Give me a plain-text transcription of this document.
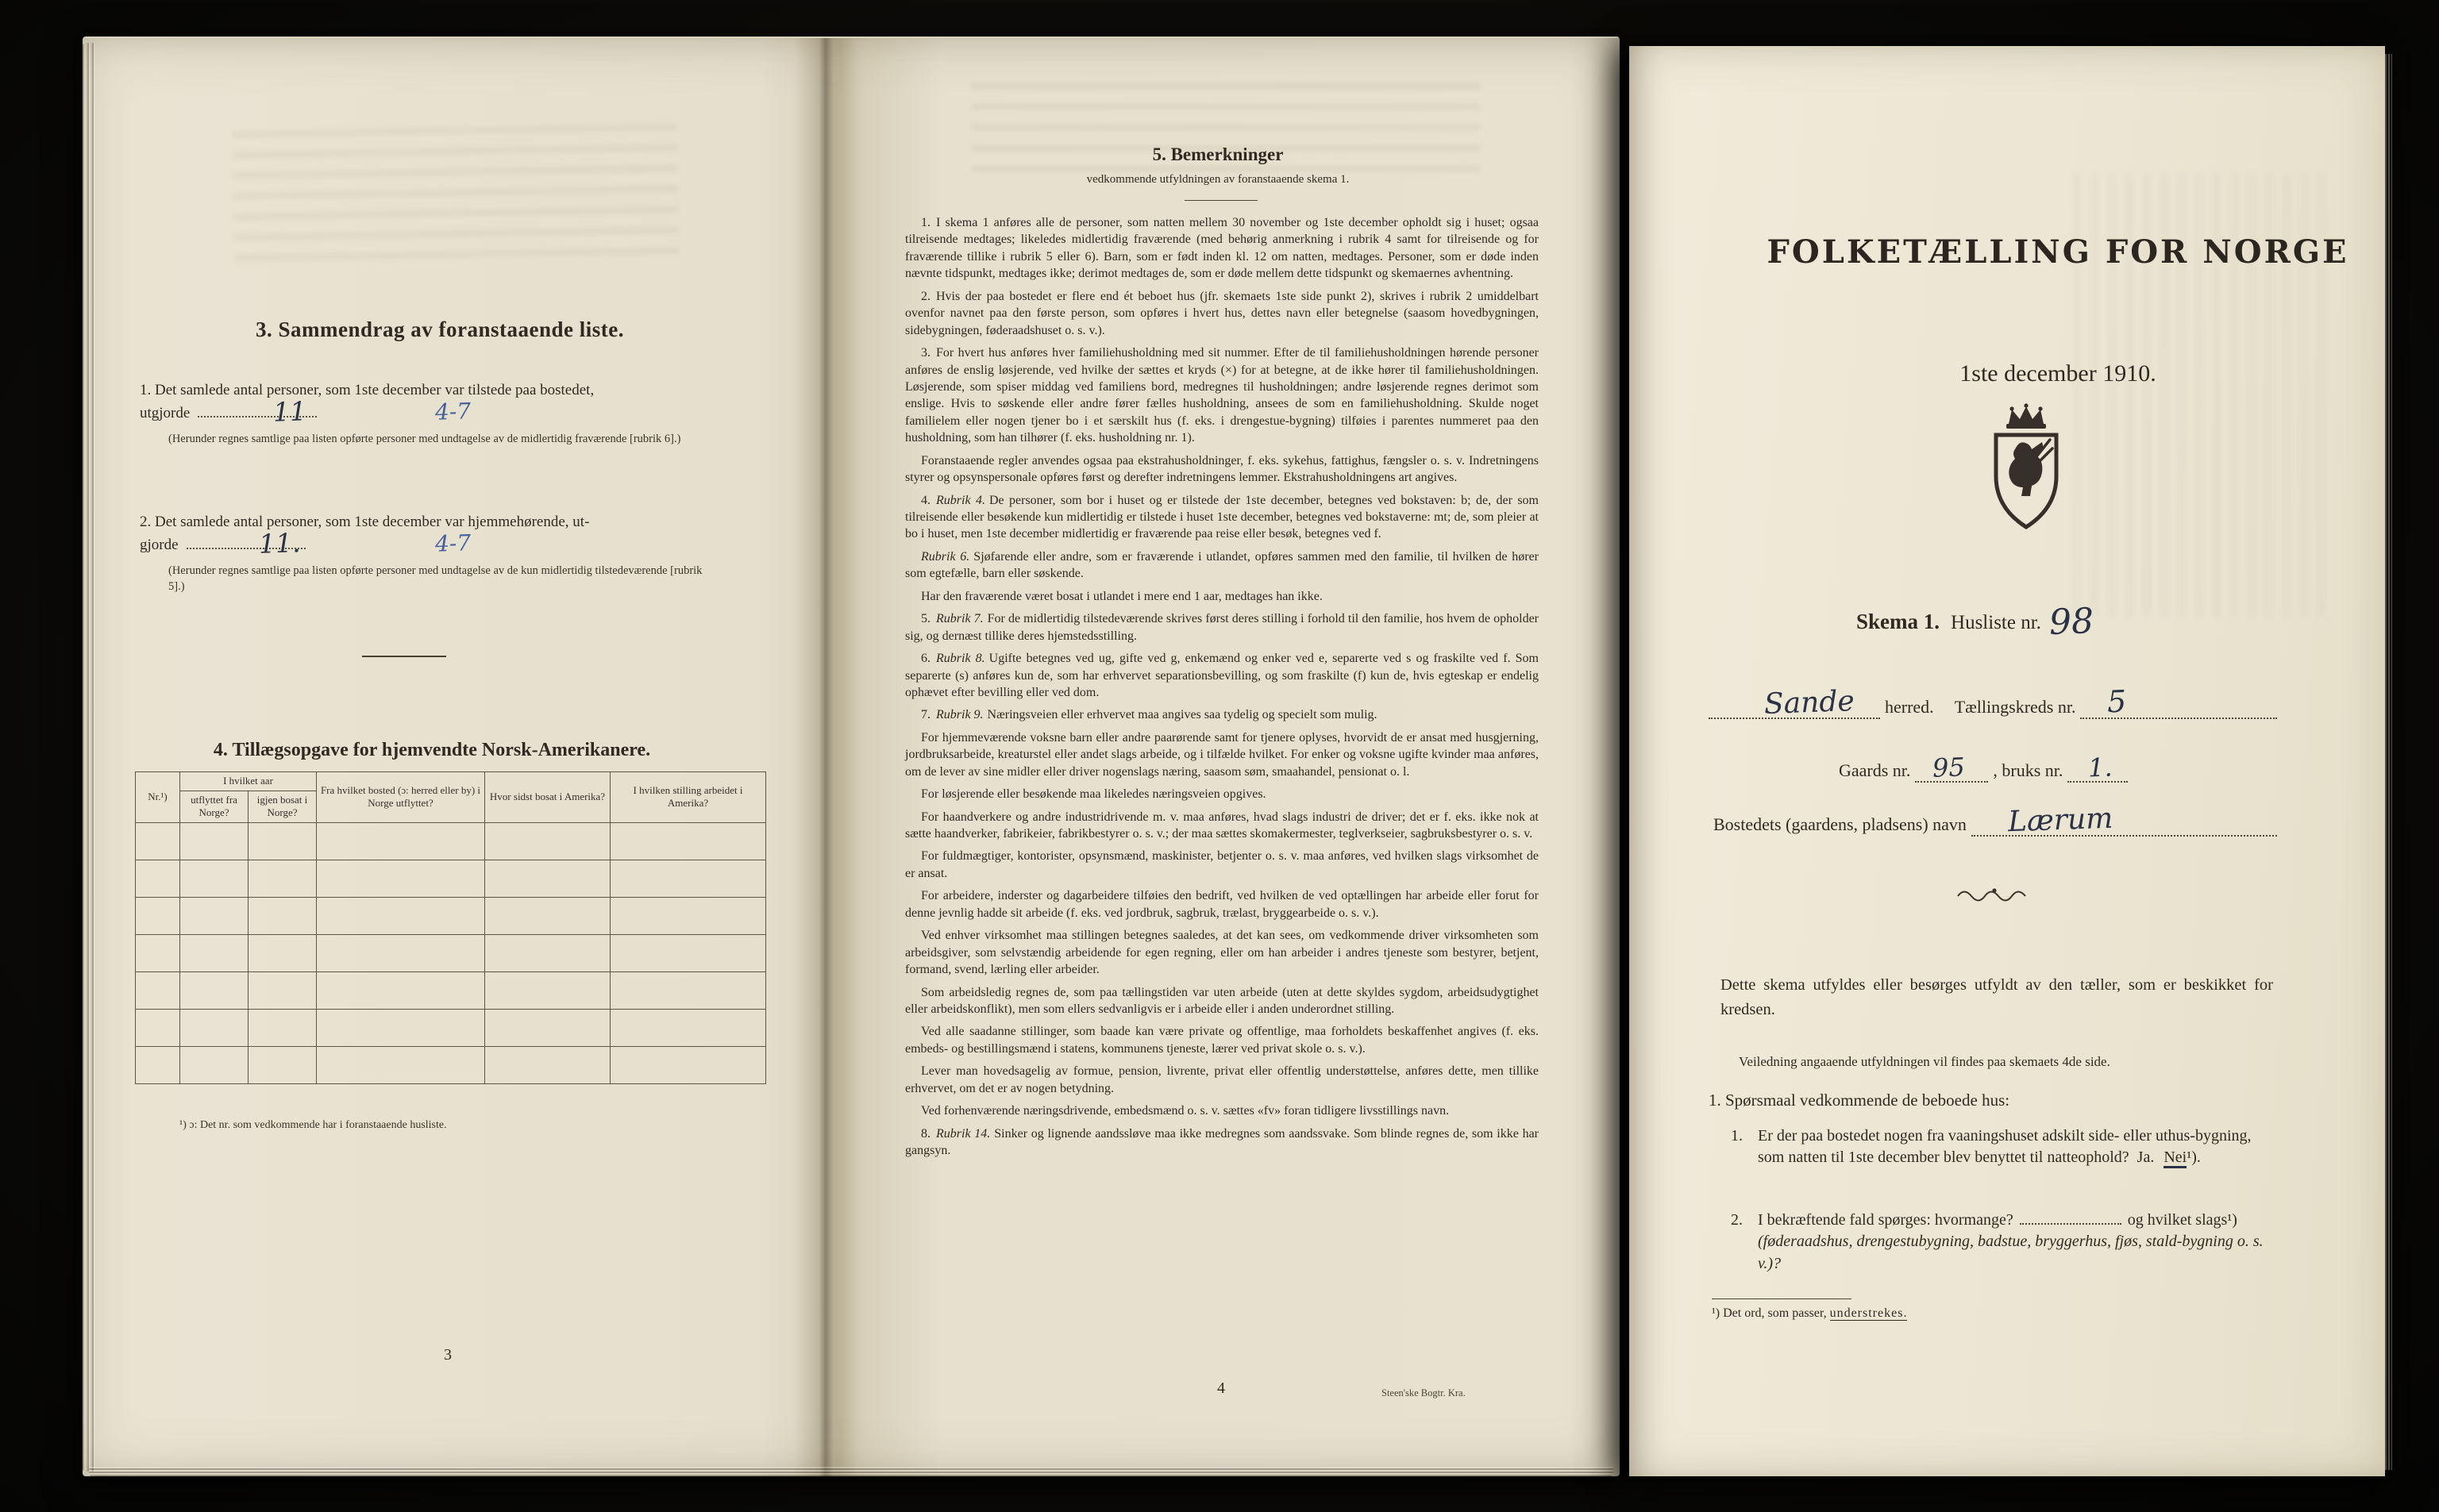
3. Sammendrag av foranstaaende liste.
1. Det samlede antal personer, som 1ste december var tilstede paa bostedet,
utgjorde
(Herunder regnes samtlige paa listen opførte personer med undtagelse av de midlertidig fraværende [rubrik 6].)
11	4-7
2. Det samlede antal personer, som 1ste december var hjemmehørende, ut-
gjorde
(Herunder regnes samtlige paa listen opførte personer med undtagelse av de kun midlertidig tilstedeværende [rubrik 5].)
11.	4-7
4. Tillægsopgave for hjemvendte Norsk-Amerikanere.
Nr.¹)	I hvilket aar		Fra hvilket bosted (ɔ: herred eller by) i Norge utflyttet?	Hvor sidst bosat i Amerika?	I hvilken stilling arbeidet i Amerika?
	utflyttet fra Norge?	igjen bosat i Norge?			

¹) ɔ: Det nr. som vedkommende har i foranstaaende husliste.
3
5. Bemerkninger
vedkommende utfyldningen av foranstaaende skema 1.
1. I skema 1 anføres alle de personer, som natten mellem 30 november og 1ste december opholdt sig i huset; ogsaa tilreisende medtages; likeledes midlertidig fraværende (med behørig anmerkning i rubrik 4 samt for tilreisende og for fraværende tillike i rubrik 5 eller 6). Barn, som er født inden kl. 12 om natten, medtages. Personer, som er døde inden nævnte tidspunkt, medtages ikke; derimot medtages de, som er døde mellem dette tidspunkt og skemaernes avhentning.
2. Hvis der paa bostedet er flere end ét beboet hus (jfr. skemaets 1ste side punkt 2), skrives i rubrik 2 umiddelbart ovenfor navnet paa den første person, som opføres i hvert hus, dettes navn eller betegnelse (saasom hovedbygningen, sidebygningen, føderaadshuset o. s. v.).
3. For hvert hus anføres hver familiehusholdning med sit nummer. Efter de til familiehusholdningen hørende personer anføres de enslig løsjerende, ved hvilke der sættes et kryds (×) for at betegne, at de ikke hører til familiehusholdningen. Løsjerende, som spiser middag ved familiens bord, medregnes til husholdningen; andre løsjerende regnes derimot som enslige. Hvis to søskende eller andre fører fælles husholdning, ansees de som en familiehusholdning. Skulde noget familielem eller nogen tjener bo i et særskilt hus (f. eks. i drengestue-bygning) tilføies i parentes nummeret paa den husholdning, som han tilhører (f. eks. husholdning nr. 1).
Foranstaaende regler anvendes ogsaa paa ekstrahusholdninger, f. eks. sykehus, fattighus, fængsler o. s. v. Indretningens styrer og opsynspersonale opføres først og derefter indretningens lemmer. Ekstrahusholdningens art angives.
4. Rubrik 4. De personer, som bor i huset og er tilstede der 1ste december, betegnes ved bokstaven: b; de, der som tilreisende eller besøkende kun midlertidig er tilstede i huset 1ste december, betegnes ved bokstaverne: mt; de, som pleier at bo i huset, men 1ste december midlertidig er fraværende paa reise eller besøk, betegnes ved f.
Rubrik 6. Sjøfarende eller andre, som er fraværende i utlandet, opføres sammen med den familie, til hvilken de hører som egtefælle, barn eller søskende.
Har den fraværende været bosat i utlandet i mere end 1 aar, medtages han ikke.
5. Rubrik 7. For de midlertidig tilstedeværende skrives først deres stilling i forhold til den familie, hos hvem de opholder sig, og dernæst tillike deres hjemstedsstilling.
6. Rubrik 8. Ugifte betegnes ved ug, gifte ved g, enkemænd og enker ved e, separerte ved s og fraskilte ved f. Som separerte (s) anføres kun de, som har erhvervet separationsbevilling, og som fraskilte (f) kun de, hvis egteskap er endelig ophævet efter bevilling eller ved dom.
7. Rubrik 9. Næringsveien eller erhvervet maa angives saa tydelig og specielt som mulig.
For hjemmeværende voksne barn eller andre paarørende samt for tjenere oplyses, hvorvidt de er ansat med husgjerning, jordbruksarbeide, kreaturstel eller andet slags arbeide, og i tilfælde hvilket. For enker og voksne ugifte kvinder maa anføres, om de lever av sine midler eller driver nogenslags næring, saasom søm, smaahandel, pensionat o. l.
For løsjerende eller besøkende maa likeledes næringsveien opgives.
For haandverkere og andre industridrivende m. v. maa anføres, hvad slags industri de driver; det er f. eks. ikke nok at sætte haandverker, fabrikeier, fabrikbestyrer o. s. v.; der maa sættes skomakermester, teglverkseier, sagbruksbestyrer o. s. v.
For fuldmægtiger, kontorister, opsynsmænd, maskinister, betjenter o. s. v. maa anføres, ved hvilken slags virksomhet de er ansat.
For arbeidere, inderster og dagarbeidere tilføies den bedrift, ved hvilken de ved optællingen har arbeide eller forut for denne jevnlig hadde sit arbeide (f. eks. ved jordbruk, sagbruk, trælast, bryggearbeide o. s. v.).
Ved enhver virksomhet maa stillingen betegnes saaledes, at det kan sees, om vedkommende driver virksomheten som arbeidsgiver, som selvstændig arbeidende for egen regning, eller om han arbeider i andres tjeneste som bestyrer, betjent, formand, svend, lærling eller arbeider.
Som arbeidsledig regnes de, som paa tællingstiden var uten arbeide (uten at dette skyldes sygdom, arbeidsudygtighet eller arbeidskonflikt), men som ellers sedvanligvis er i arbeide eller i anden underordnet stilling.
Ved alle saadanne stillinger, som baade kan være private og offentlige, maa forholdets beskaffenhet angives (f. eks. embeds- og bestillingsmænd i statens, kommunens tjeneste, lærer ved privat skole o. s. v.).
Lever man hovedsagelig av formue, pension, livrente, privat eller offentlig understøttelse, anføres dette, men tillike erhvervet, om det er av nogen betydning.
Ved forhenværende næringsdrivende, embedsmænd o. s. v. sættes «fv» foran tidligere livsstillings navn.
8. Rubrik 14. Sinker og lignende aandssløve maa ikke medregnes som aandssvake. Som blinde regnes de, som ikke har gangsyn.
4	Steen'ske Bogtr. Kra.
FOLKETÆLLING FOR NORGE
1ste december 1910.
Skema 1. Husliste nr. 98
Sande herred. Tællingskreds nr. 5
Gaards nr. 95 , bruks nr. 1.
Bostedets (gaardens, pladsens) navn Lærum
Dette skema utfyldes eller besørges utfyldt av den tæller, som er beskikket for kredsen.
Veiledning angaaende utfyldningen vil findes paa skemaets 4de side.
1. Spørsmaal vedkommende de beboede hus:
1. Er der paa bostedet nogen fra vaaningshuset adskilt side- eller uthus-bygning, som natten til 1ste december blev benyttet til natteophold? Ja. Nei¹).
2. I bekræftende fald spørges: hvormange?	og hvilket slags¹) (føderaadshus, drengestubygning, badstue, bryggerhus, fjøs, stald-bygning o. s. v.)?
¹) Det ord, som passer, understrekes.
